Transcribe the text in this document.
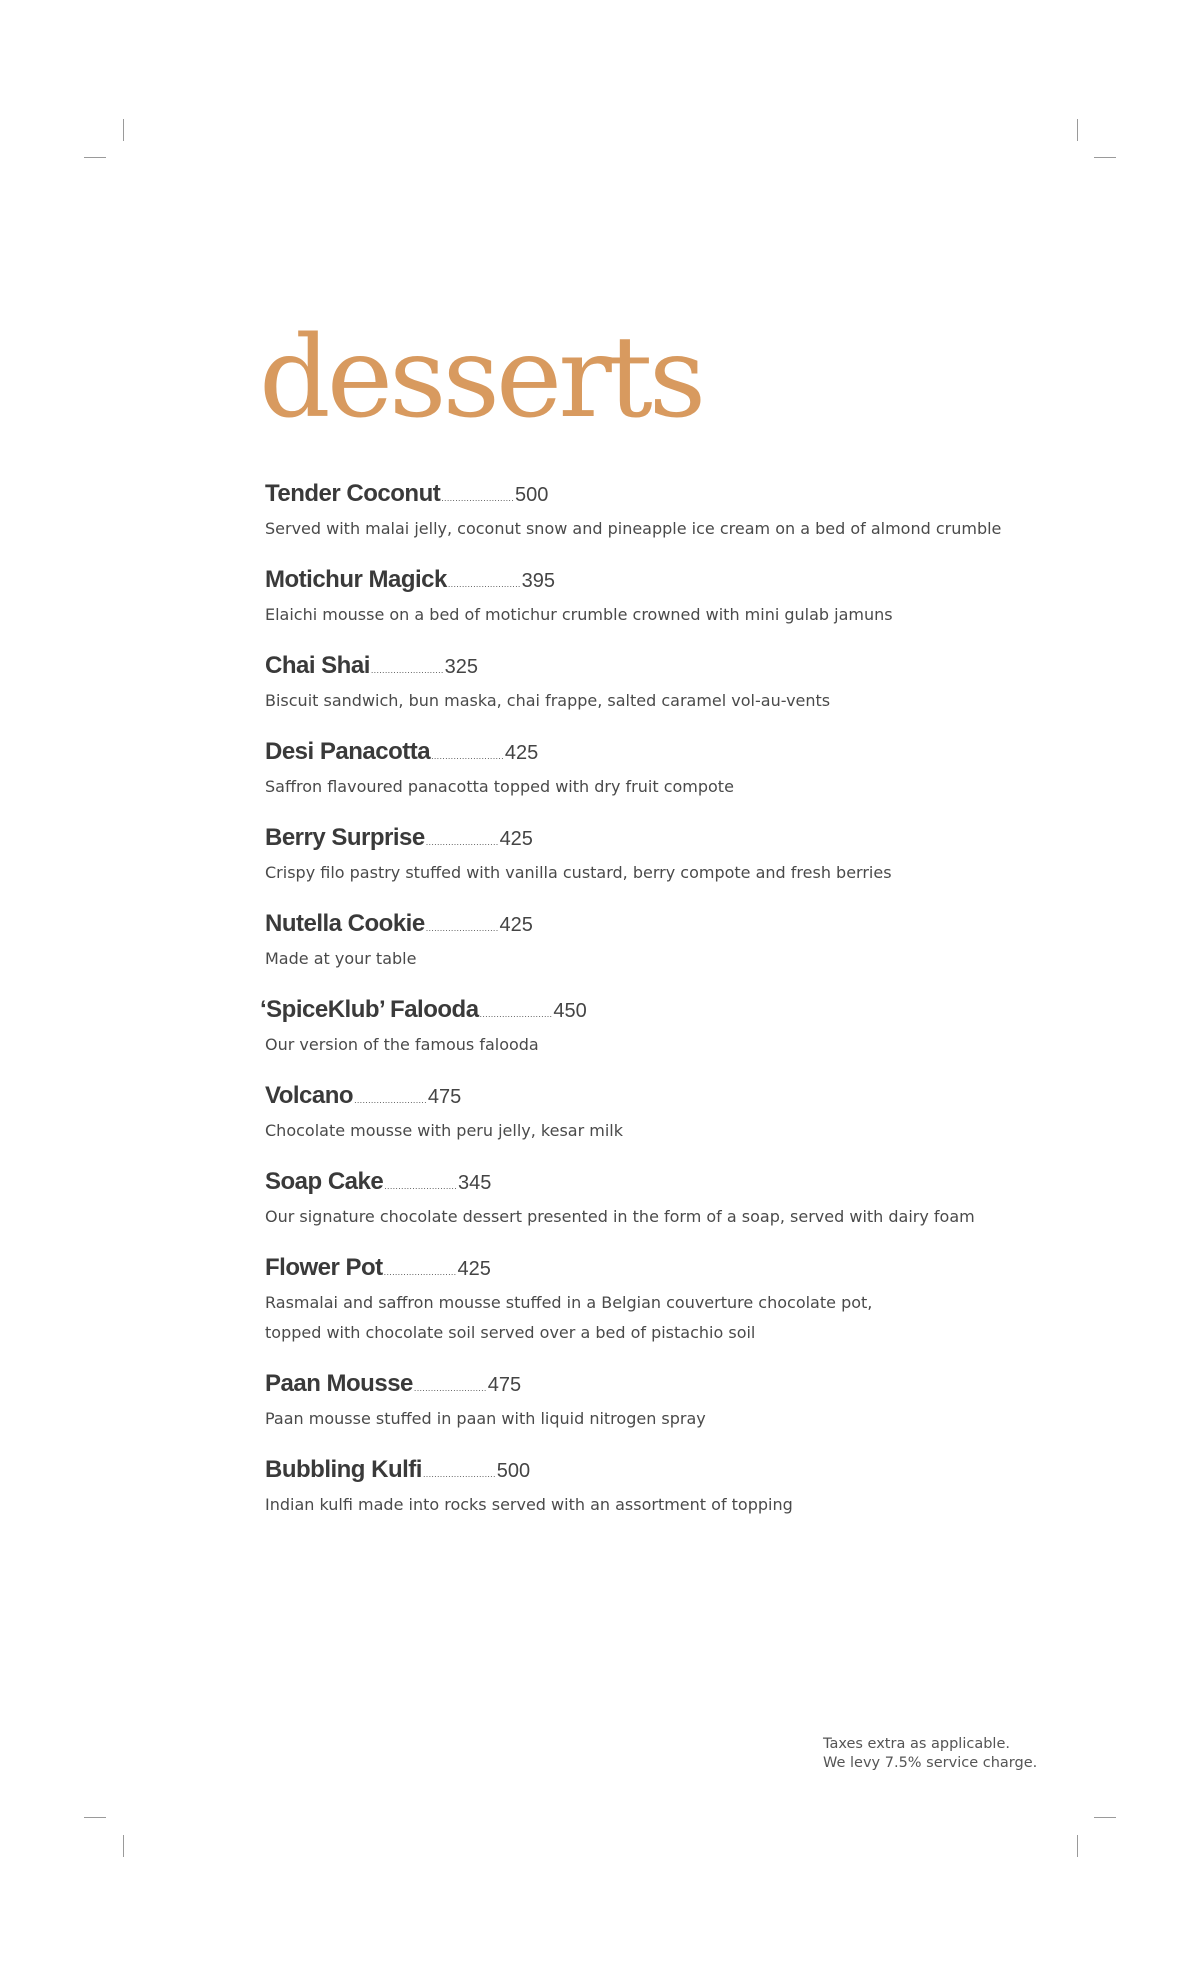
desserts
Tender Coconut .......................... 500
Served with malai jelly, coconut snow and pineapple ice cream on a bed of almond crumble
Motichur Magick .......................... 395
Elaichi mousse on a bed of motichur crumble crowned with mini gulab jamuns
Chai Shai .......................... 325
Biscuit sandwich, bun maska, chai frappe, salted caramel vol-au-vents
Desi Panacotta .......................... 425
Saffron flavoured panacotta topped with dry fruit compote
Berry Surprise .......................... 425
Crispy filo pastry stuffed with vanilla custard, berry compote and fresh berries
Nutella Cookie .......................... 425
Made at your table
‘SpiceKlub’ Falooda .......................... 450
Our version of the famous falooda
Volcano .......................... 475
Chocolate mousse with peru jelly, kesar milk
Soap Cake .......................... 345
Our signature chocolate dessert presented in the form of a soap, served with dairy foam
Flower Pot .......................... 425
Rasmalai and saffron mousse stuffed in a Belgian couverture chocolate pot,
topped with chocolate soil served over a bed of pistachio soil
Paan Mousse .......................... 475
Paan mousse stuffed in paan with liquid nitrogen spray
Bubbling Kulfi .......................... 500
Indian kulfi made into rocks served with an assortment of topping
Taxes extra as applicable.
We levy 7.5% service charge.
